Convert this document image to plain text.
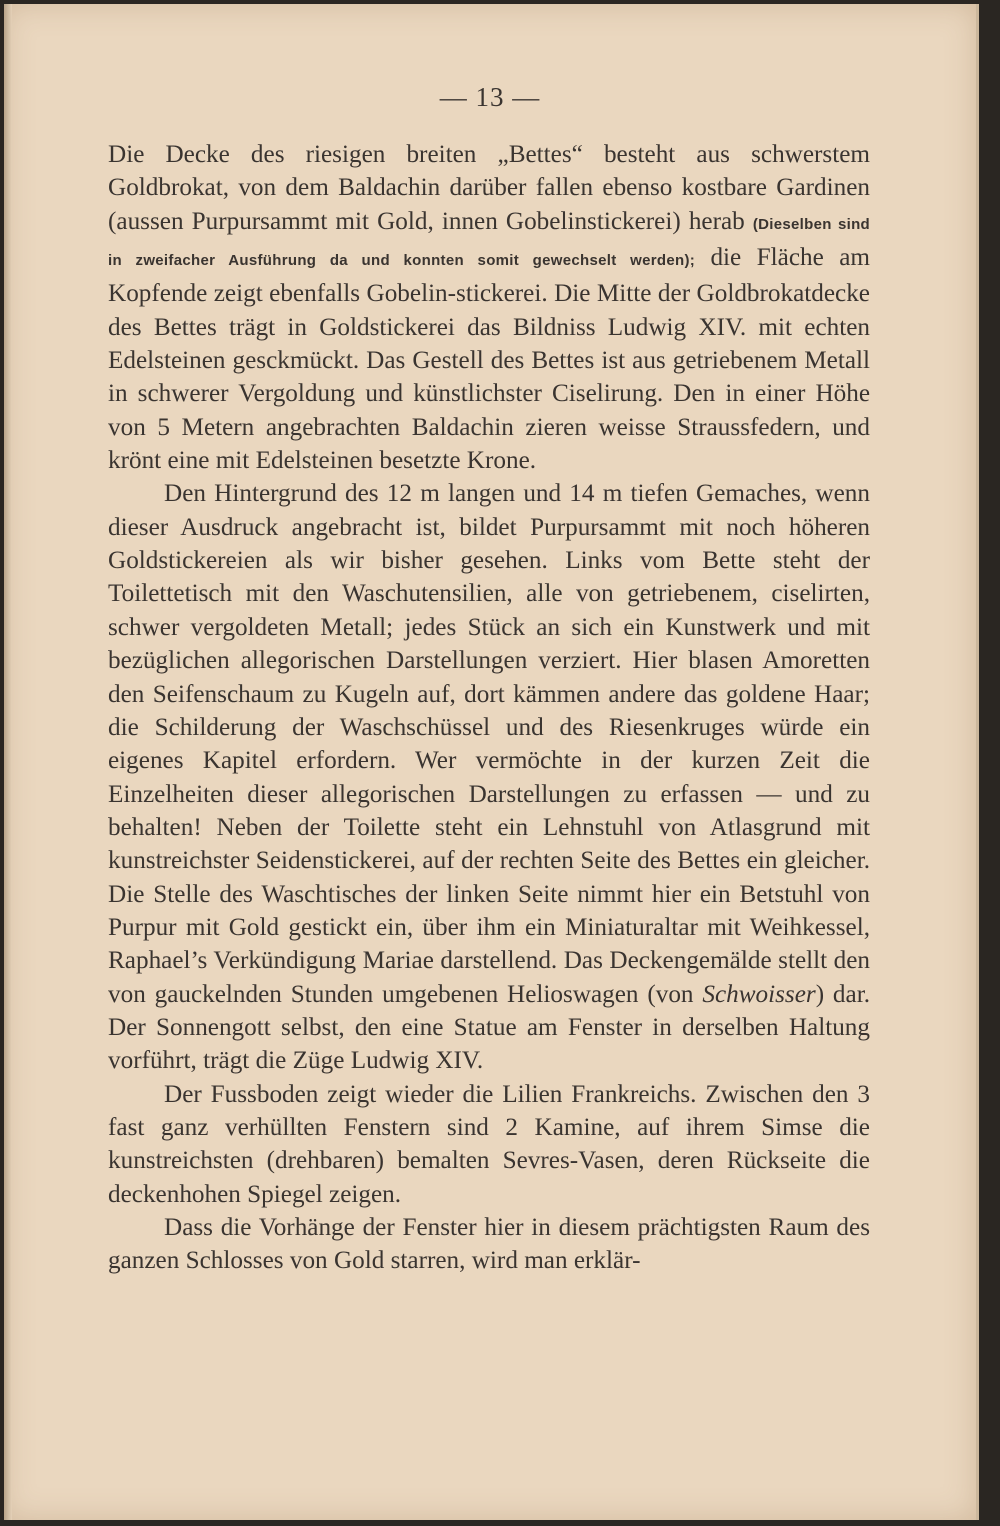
— 13 —

Die Decke des riesigen breiten „Bettes“ besteht aus schwerstem Goldbrokat, von dem Baldachin darüber fallen ebenso kostbare Gardinen (aussen Purpursammt mit Gold, innen Gobelinstickerei) herab (Dieselben sind in zweifacher Ausführung da und konnten somit gewechselt werden); die Fläche am Kopfende zeigt ebenfalls Gobelin-stickerei. Die Mitte der Goldbrokatdecke des Bettes trägt in Goldstickerei das Bildniss Ludwig XIV. mit echten Edelsteinen gesckmückt. Das Gestell des Bettes ist aus getriebenem Metall in schwerer Vergoldung und künstlichster Ciselirung. Den in einer Höhe von 5 Metern angebrachten Baldachin zieren weisse Straussfedern, und krönt eine mit Edelsteinen besetzte Krone.

Den Hintergrund des 12 m langen und 14 m tiefen Gemaches, wenn dieser Ausdruck angebracht ist, bildet Purpursammt mit noch höheren Goldstickereien als wir bisher gesehen. Links vom Bette steht der Toilettetisch mit den Waschutensilien, alle von getriebenem, ciselirten, schwer vergoldeten Metall; jedes Stück an sich ein Kunstwerk und mit bezüglichen allegorischen Darstellungen verziert. Hier blasen Amoretten den Seifenschaum zu Kugeln auf, dort kämmen andere das goldene Haar; die Schilderung der Waschschüssel und des Riesenkruges würde ein eigenes Kapitel erfordern. Wer vermöchte in der kurzen Zeit die Einzelheiten dieser allegorischen Darstellungen zu erfassen — und zu behalten! Neben der Toilette steht ein Lehnstuhl von Atlasgrund mit kunstreichster Seidenstickerei, auf der rechten Seite des Bettes ein gleicher. Die Stelle des Waschtisches der linken Seite nimmt hier ein Betstuhl von Purpur mit Gold gestickt ein, über ihm ein Miniaturaltar mit Weihkessel, Raphael’s Verkündigung Mariae darstellend. Das Deckengemälde stellt den von gauckelnden Stunden umgebenen Helioswagen (von Schwoisser) dar. Der Sonnengott selbst, den eine Statue am Fenster in derselben Haltung vorführt, trägt die Züge Ludwig XIV.

Der Fussboden zeigt wieder die Lilien Frankreichs. Zwischen den 3 fast ganz verhüllten Fenstern sind 2 Kamine, auf ihrem Simse die kunstreichsten (drehbaren) bemalten Sevres-Vasen, deren Rückseite die deckenhohen Spiegel zeigen.

Dass die Vorhänge der Fenster hier in diesem prächtigsten Raum des ganzen Schlosses von Gold starren, wird man erklär-
